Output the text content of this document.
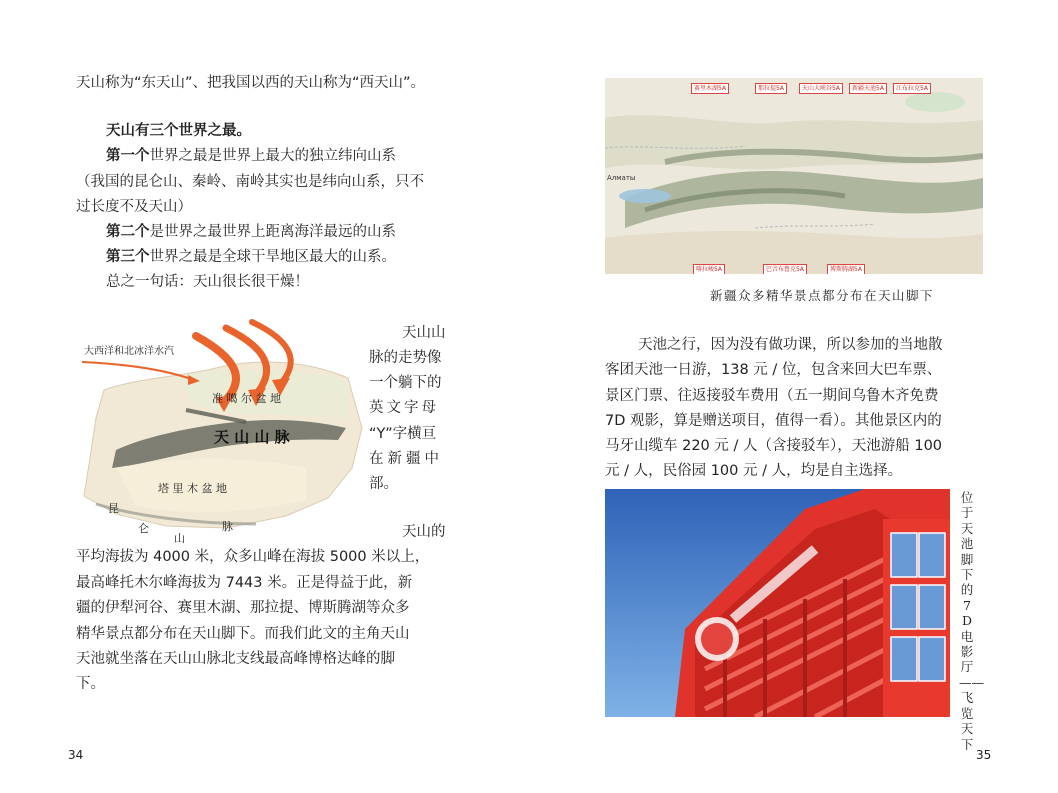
天山称为“东天山”、把我国以西的天山称为“西天山”。
天山有三个世界之最。
第一个世界之最是世界上最大的独立纬向山系
（我国的昆仑山、秦岭、南岭其实也是纬向山系，只不
过长度不及天山）
第二个是世界之最世界上距离海洋最远的山系
第三个世界之最是全球干旱地区最大的山系。
总之一句话：天山很长很干燥！
大西洋和北冰洋水汽
准 噶 尔 盆 地
天 山 山 脉
塔 里 木 盆 地
昆
仑
山
脉
天山山
脉的走势像
一个躺下的
英文字母
“Y”字横亘
在新疆中
部。
天山的
平均海拔为 4000 米，众多山峰在海拔 5000 米以上，
最高峰托木尔峰海拔为 7443 米。正是得益于此，新
疆的伊犁河谷、赛里木湖、那拉提、博斯腾湖等众多
精华景点都分布在天山脚下。而我们此文的主角天山
天池就坐落在天山山脉北支线最高峰博格达峰的脚
下。
34
赛里木湖5A	那拉提5A	天山大峡谷5A	新疆天池5A	江布拉克5A
喀拉峻5A	巴音布鲁克5A	博斯腾湖5A
Алматы
新疆众多精华景点都分布在天山脚下
天池之行，因为没有做功课，所以参加的当地散
客团天池一日游，138 元 / 位，包含来回大巴车票、
景区门票、往返接驳车费用（五一期间乌鲁木齐免费
7D 观影，算是赠送项目，值得一看）。其他景区内的
马牙山缆车 220 元 / 人（含接驳车），天池游船 100
元 / 人，民俗园 100 元 / 人，均是自主选择。
位于天池脚下的7D电影厅——飞览天下
35
